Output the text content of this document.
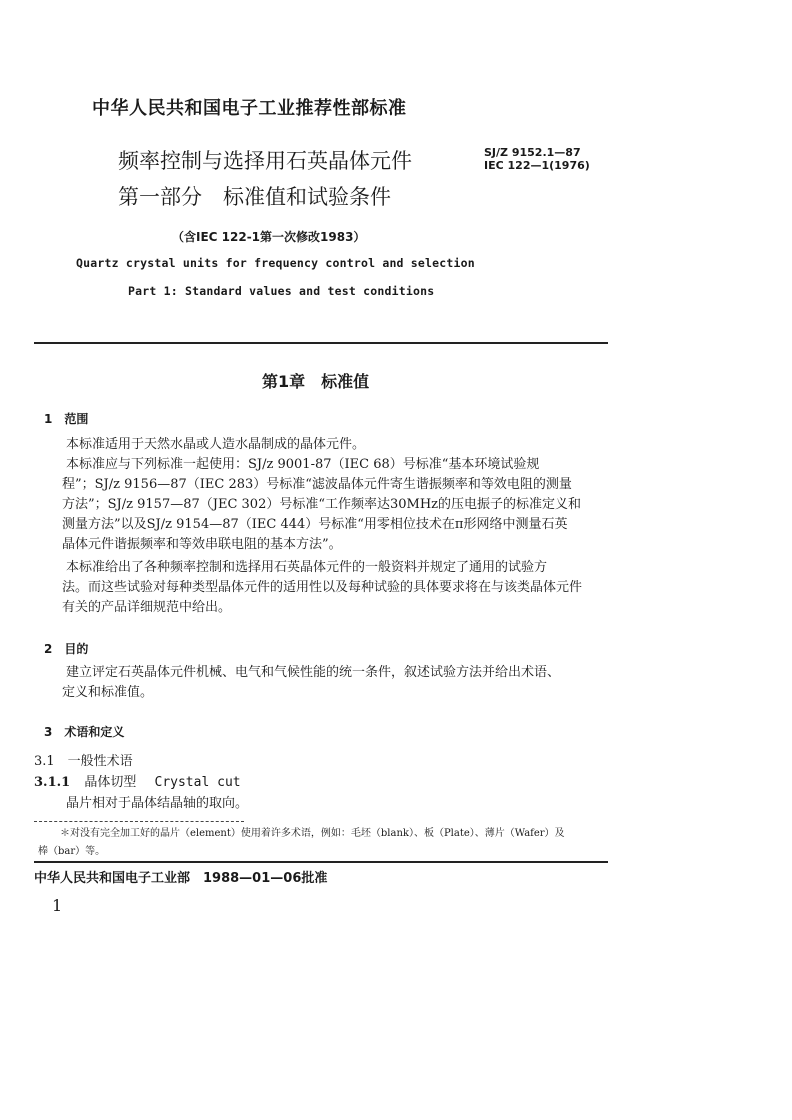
中华人民共和国电子工业推荐性部标准
SJ/Z 9152.1—87
IEC 122—1(1976)
频率控制与选择用石英晶体元件
第一部分　标准值和试验条件
（含IEC 122-1第一次修改1983）
Quartz crystal units for frequency control and selection
Part 1: Standard values and test conditions
第1章　标准值
1　范围
本标准适用于天然水晶或人造水晶制成的晶体元件。
本标准应与下列标准一起使用：SJ/z 9001-87（IEC 68）号标准“基本环境试验规
程”；SJ/z 9156—87（IEC 283）号标准“滤波晶体元件寄生谐振频率和等效电阻的测量
方法”；SJ/z 9157—87（JEC 302）号标准“工作频率达30MHz的压电振子的标准定义和
测量方法”以及SJ/z 9154—87（IEC 444）号标准“用零相位技术在π形网络中测量石英
晶体元件谐振频率和等效串联电阻的基本方法”。
本标准给出了各种频率控制和选择用石英晶体元件的一般资料并规定了通用的试验方
法。而这些试验对每种类型晶体元件的适用性以及每种试验的具体要求将在与该类晶体元件
有关的产品详细规范中给出。
2　目的
建立评定石英晶体元件机械、电气和气候性能的统一条件，叙述试验方法并给出术语、
定义和标准值。
3　术语和定义
3.1　一般性术语
3.1.1 晶体切型 Crystal cut
晶片相对于晶体结晶轴的取向。
＊对没有完全加工好的晶片（element）使用着许多术语，例如：毛坯（blank）、板（Plate）、薄片（Wafer）及
棒（bar）等。
中华人民共和国电子工业部　1988—01—06批准
1
